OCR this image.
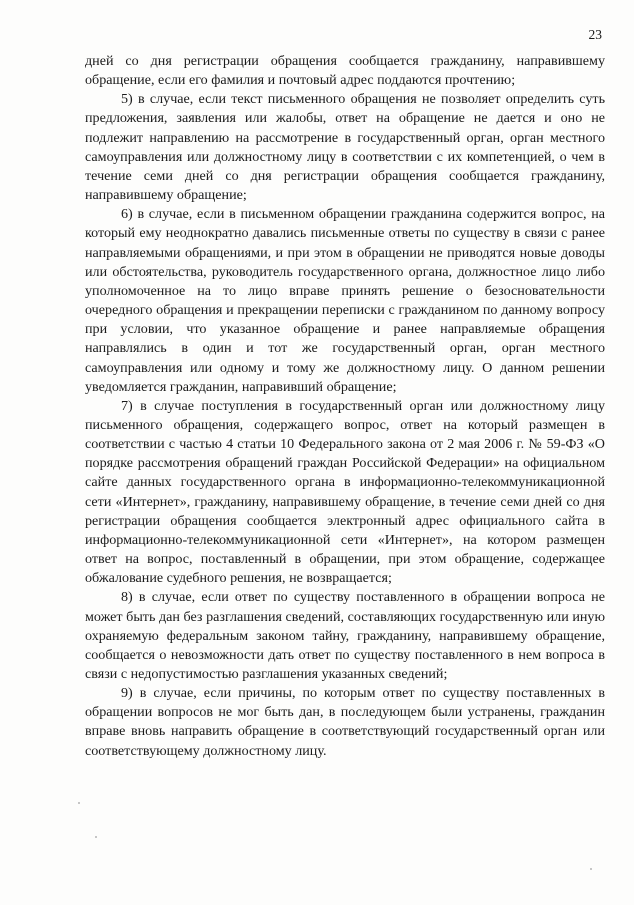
23

дней со дня регистрации обращения сообщается гражданину, направившему обращение, если его фамилия и почтовый адрес поддаются прочтению;

5) в случае, если текст письменного обращения не позволяет определить суть предложения, заявления или жалобы, ответ на обращение не дается и оно не подлежит направлению на рассмотрение в государственный орган, орган местного самоуправления или должностному лицу в соответствии с их компетенцией, о чем в течение семи дней со дня регистрации обращения сообщается гражданину, направившему обращение;

6) в случае, если в письменном обращении гражданина содержится вопрос, на который ему неоднократно давались письменные ответы по существу в связи с ранее направляемыми обращениями, и при этом в обращении не приводятся новые доводы или обстоятельства, руководитель государственного органа, должностное лицо либо уполномоченное на то лицо вправе принять решение о безосновательности очередного обращения и прекращении переписки с гражданином по данному вопросу при условии, что указанное обращение и ранее направляемые обращения направлялись в один и тот же государственный орган, орган местного самоуправления или одному и тому же должностному лицу. О данном решении уведомляется гражданин, направивший обращение;

7) в случае поступления в государственный орган или должностному лицу письменного обращения, содержащего вопрос, ответ на который размещен в соответствии с частью 4 статьи 10 Федерального закона от 2 мая 2006 г. № 59-ФЗ «О порядке рассмотрения обращений граждан Российской Федерации» на официальном сайте данных государственного органа в информационно-телекоммуникационной сети «Интернет», гражданину, направившему обращение, в течение семи дней со дня регистрации обращения сообщается электронный адрес официального сайта в информационно-телекоммуникационной сети «Интернет», на котором размещен ответ на вопрос, поставленный в обращении, при этом обращение, содержащее обжалование судебного решения, не возвращается;

8) в случае, если ответ по существу поставленного в обращении вопроса не может быть дан без разглашения сведений, составляющих государственную или иную охраняемую федеральным законом тайну, гражданину, направившему обращение, сообщается о невозможности дать ответ по существу поставленного в нем вопроса в связи с недопустимостью разглашения указанных сведений;

9) в случае, если причины, по которым ответ по существу поставленных в обращении вопросов не мог быть дан, в последующем были устранены, гражданин вправе вновь направить обращение в соответствующий государственный орган или соответствующему должностному лицу.
